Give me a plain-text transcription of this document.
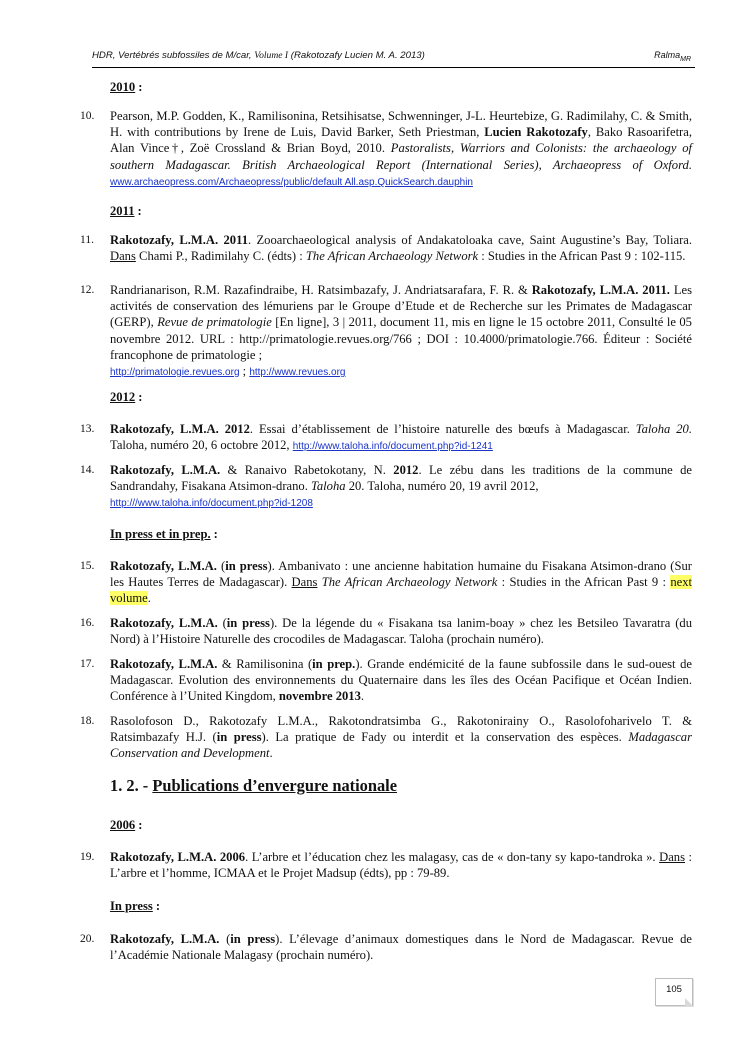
HDR, Vertébrés subfossiles de M/car, Volume I (Rakotozafy Lucien M. A. 2013)	Ralma$_{MR}$
2010 :
10. Pearson, M.P. Godden, K., Ramilisonina, Retsihisatse, Schwenninger, J-L. Heurtebize, G. Radimilahy, C. & Smith, H. with contributions by Irene de Luis, David Barker, Seth Priestman, Lucien Rakotozafy, Bako Rasoarifetra, Alan Vince†, Zoë Crossland & Brian Boyd, 2010. Pastoralists, Warriors and Colonists: the archaeology of southern Madagascar. British Archaeological Report (International Series), Archaeopress of Oxford. www.archaeopress.com/Archaeopress/public/default All.asp.QuickSearch.dauphin

2011 :
11. Rakotozafy, L.M.A. 2011. Zooarchaeological analysis of Andakatoloaka cave, Saint Augustine’s Bay, Toliara. Dans Chami P., Radimilahy C. (édts) : The African Archaeology Network : Studies in the African Past 9 : 102-115.

12. Randrianarison, R.M. Razafindraibe, H. Ratsimbazafy, J. Andriatsarafara, F. R. & Rakotozafy, L.M.A. 2011. Les activités de conservation des lémuriens par le Groupe d’Etude et de Recherche sur les Primates de Madagascar (GERP), Revue de primatologie [En ligne], 3 | 2011, document 11, mis en ligne le 15 octobre 2011, Consulté le 05 novembre 2012. URL : http://primatologie.revues.org/766 ; DOI : 10.4000/primatologie.766. Éditeur : Société francophone de primatologie ;
http://primatologie.revues.org ; http://www.revues.org

2012 :
13. Rakotozafy, L.M.A. 2012. Essai d’établissement de l’histoire naturelle des bœufs à Madagascar. Taloha 20. Taloha, numéro 20, 6 octobre 2012, http://www.taloha.info/document.php?id-1241

14. Rakotozafy, L.M.A. & Ranaivo Rabetokotany, N. 2012. Le zébu dans les traditions de la commune de Sandrandahy, Fisakana Atsimon-drano. Taloha 20. Taloha, numéro 20, 19 avril 2012,
http:///www.taloha.info/document.php?id-1208

In press et in prep. :
15. Rakotozafy, L.M.A. (in press). Ambanivato : une ancienne habitation humaine du Fisakana Atsimon-drano (Sur les Hautes Terres de Madagascar). Dans The African Archaeology Network : Studies in the African Past 9 : next volume.

16. Rakotozafy, L.M.A. (in press). De la légende du « Fisakana tsa lanim-boay » chez les Betsileo Tavaratra (du Nord) à l’Histoire Naturelle des crocodiles de Madagascar. Taloha (prochain numéro).

17. Rakotozafy, L.M.A. & Ramilisonina (in prep.). Grande endémicité de la faune subfossile dans le sud-ouest de Madagascar. Evolution des environnements du Quaternaire dans les îles des Océan Pacifique et Océan Indien. Conférence à l’United Kingdom, novembre 2013.

18. Rasolofoson D., Rakotozafy L.M.A., Rakotondratsimba G., Rakotonirainy O., Rasolofoharivelo T. & Ratsimbazafy H.J. (in press). La pratique de Fady ou interdit et la conservation des espèces. Madagascar Conservation and Development.

1. 2. - Publications d’envergure nationale
2006 :
19. Rakotozafy, L.M.A. 2006. L’arbre et l’éducation chez les malagasy, cas de « don-tany sy kapo-tandroka ». Dans : L’arbre et l’homme, ICMAA et le Projet Madsup (édts), pp : 79-89.

In press :
20. Rakotozafy, L.M.A. (in press). L’élevage d’animaux domestiques dans le Nord de Madagascar. Revue de l’Académie Nationale Malagasy (prochain numéro).

105
